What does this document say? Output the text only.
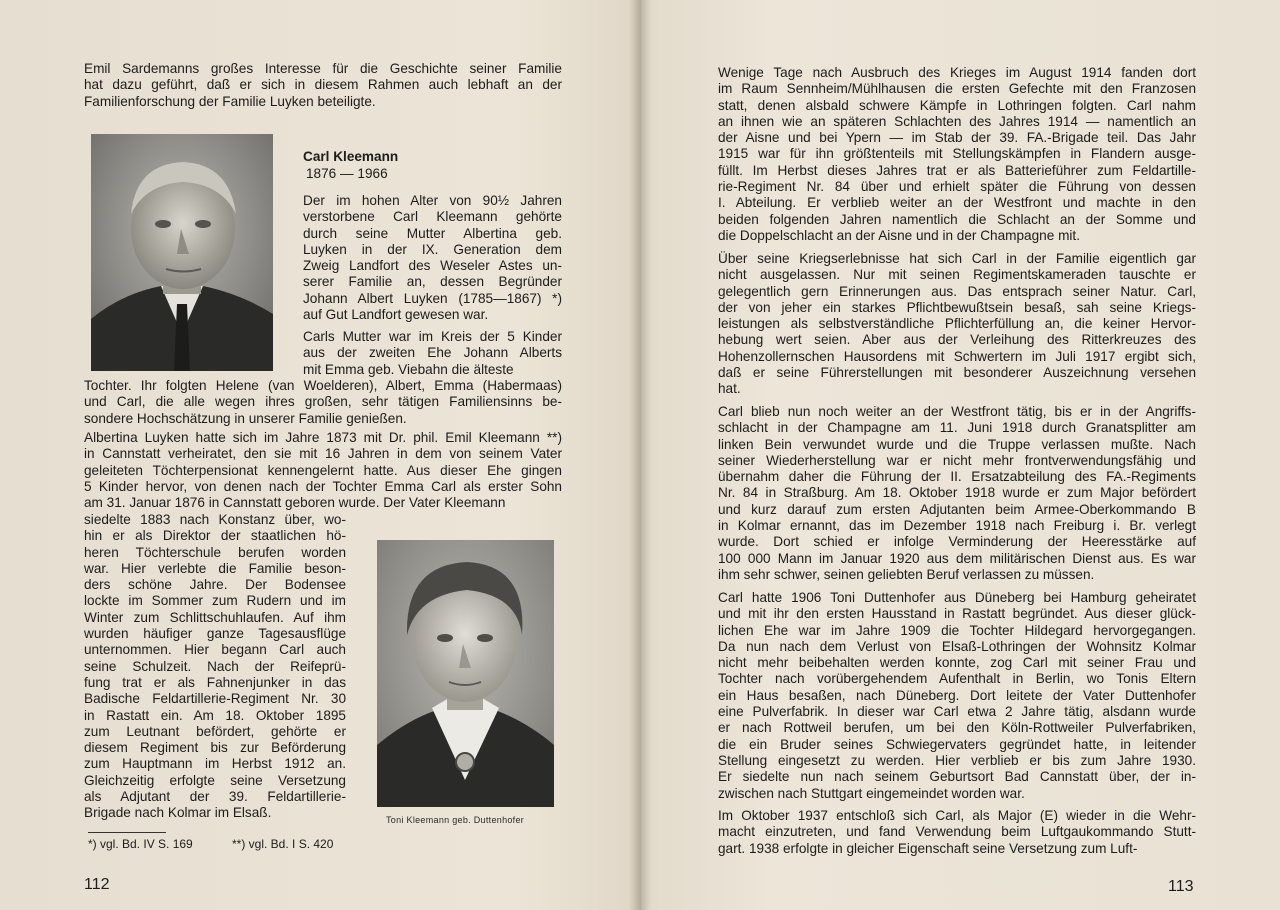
Emil Sardemanns großes Interesse für die Geschichte seiner Familie
hat dazu geführt, daß er sich in diesem Rahmen auch lebhaft an der
Familienforschung der Familie Luyken beteiligte.
Carl Kleemann
1876 — 1966
Der im hohen Alter von 90½ Jahren
verstorbene Carl Kleemann gehörte
durch seine Mutter Albertina geb.
Luyken in der IX. Generation dem
Zweig Landfort des Weseler Astes un-
serer Familie an, dessen Begründer
Johann Albert Luyken (1785—1867) *)
auf Gut Landfort gewesen war.
Carls Mutter war im Kreis der 5 Kinder
aus der zweiten Ehe Johann Alberts
mit Emma geb. Viebahn die älteste
Tochter. Ihr folgten Helene (van Woelderen), Albert, Emma (Habermaas)
und Carl, die alle wegen ihres großen, sehr tätigen Familiensinns be-
sondere Hochschätzung in unserer Familie genießen.
Albertina Luyken hatte sich im Jahre 1873 mit Dr. phil. Emil Kleemann **)
in Cannstatt verheiratet, den sie mit 16 Jahren in dem von seinem Vater
geleiteten Töchterpensionat kennengelernt hatte. Aus dieser Ehe gingen
5 Kinder hervor, von denen nach der Tochter Emma Carl als erster Sohn
am 31. Januar 1876 in Cannstatt geboren wurde. Der Vater Kleemann
siedelte 1883 nach Konstanz über, wo-
hin er als Direktor der staatlichen hö-
heren Töchterschule berufen worden
war. Hier verlebte die Familie beson-
ders schöne Jahre. Der Bodensee
lockte im Sommer zum Rudern und im
Winter zum Schlittschuhlaufen. Auf ihm
wurden häufiger ganze Tagesausflüge
unternommen. Hier begann Carl auch
seine Schulzeit. Nach der Reifeprü-
fung trat er als Fahnenjunker in das
Badische Feldartillerie-Regiment Nr. 30
in Rastatt ein. Am 18. Oktober 1895
zum Leutnant befördert, gehörte er
diesem Regiment bis zur Beförderung
zum Hauptmann im Herbst 1912 an.
Gleichzeitig erfolgte seine Versetzung
als Adjutant der 39. Feldartillerie-
Brigade nach Kolmar im Elsaß.	Toni Kleemann geb. Duttenhofer
*) vgl. Bd. IV S. 169	**) vgl. Bd. I S. 420
112
Wenige Tage nach Ausbruch des Krieges im August 1914 fanden dort
im Raum Sennheim/Mühlhausen die ersten Gefechte mit den Franzosen
statt, denen alsbald schwere Kämpfe in Lothringen folgten. Carl nahm
an ihnen wie an späteren Schlachten des Jahres 1914 — namentlich an
der Aisne und bei Ypern — im Stab der 39. FA.-Brigade teil. Das Jahr
1915 war für ihn größtenteils mit Stellungskämpfen in Flandern ausge-
füllt. Im Herbst dieses Jahres trat er als Batterieführer zum Feldartille-
rie-Regiment Nr. 84 über und erhielt später die Führung von dessen
I. Abteilung. Er verblieb weiter an der Westfront und machte in den
beiden folgenden Jahren namentlich die Schlacht an der Somme und
die Doppelschlacht an der Aisne und in der Champagne mit.
Über seine Kriegserlebnisse hat sich Carl in der Familie eigentlich gar
nicht ausgelassen. Nur mit seinen Regimentskameraden tauschte er
gelegentlich gern Erinnerungen aus. Das entsprach seiner Natur. Carl,
der von jeher ein starkes Pflichtbewußtsein besaß, sah seine Kriegs-
leistungen als selbstverständliche Pflichterfüllung an, die keiner Hervor-
hebung wert seien. Aber aus der Verleihung des Ritterkreuzes des
Hohenzollernschen Hausordens mit Schwertern im Juli 1917 ergibt sich,
daß er seine Führerstellungen mit besonderer Auszeichnung versehen
hat.
Carl blieb nun noch weiter an der Westfront tätig, bis er in der Angriffs-
schlacht in der Champagne am 11. Juni 1918 durch Granatsplitter am
linken Bein verwundet wurde und die Truppe verlassen mußte. Nach
seiner Wiederherstellung war er nicht mehr frontverwendungsfähig und
übernahm daher die Führung der II. Ersatzabteilung des FA.-Regiments
Nr. 84 in Straßburg. Am 18. Oktober 1918 wurde er zum Major befördert
und kurz darauf zum ersten Adjutanten beim Armee-Oberkommando B
in Kolmar ernannt, das im Dezember 1918 nach Freiburg i. Br. verlegt
wurde. Dort schied er infolge Verminderung der Heeresstärke auf
100 000 Mann im Januar 1920 aus dem militärischen Dienst aus. Es war
ihm sehr schwer, seinen geliebten Beruf verlassen zu müssen.
Carl hatte 1906 Toni Duttenhofer aus Düneberg bei Hamburg geheiratet
und mit ihr den ersten Hausstand in Rastatt begründet. Aus dieser glück-
lichen Ehe war im Jahre 1909 die Tochter Hildegard hervorgegangen.
Da nun nach dem Verlust von Elsaß-Lothringen der Wohnsitz Kolmar
nicht mehr beibehalten werden konnte, zog Carl mit seiner Frau und
Tochter nach vorübergehendem Aufenthalt in Berlin, wo Tonis Eltern
ein Haus besaßen, nach Düneberg. Dort leitete der Vater Duttenhofer
eine Pulverfabrik. In dieser war Carl etwa 2 Jahre tätig, alsdann wurde
er nach Rottweil berufen, um bei den Köln-Rottweiler Pulverfabriken,
die ein Bruder seines Schwiegervaters gegründet hatte, in leitender
Stellung eingesetzt zu werden. Hier verblieb er bis zum Jahre 1930.
Er siedelte nun nach seinem Geburtsort Bad Cannstatt über, der in-
zwischen nach Stuttgart eingemeindet worden war.
Im Oktober 1937 entschloß sich Carl, als Major (E) wieder in die Wehr-
macht einzutreten, und fand Verwendung beim Luftgaukommando Stutt-
gart. 1938 erfolgte in gleicher Eigenschaft seine Versetzung zum Luft-
113
